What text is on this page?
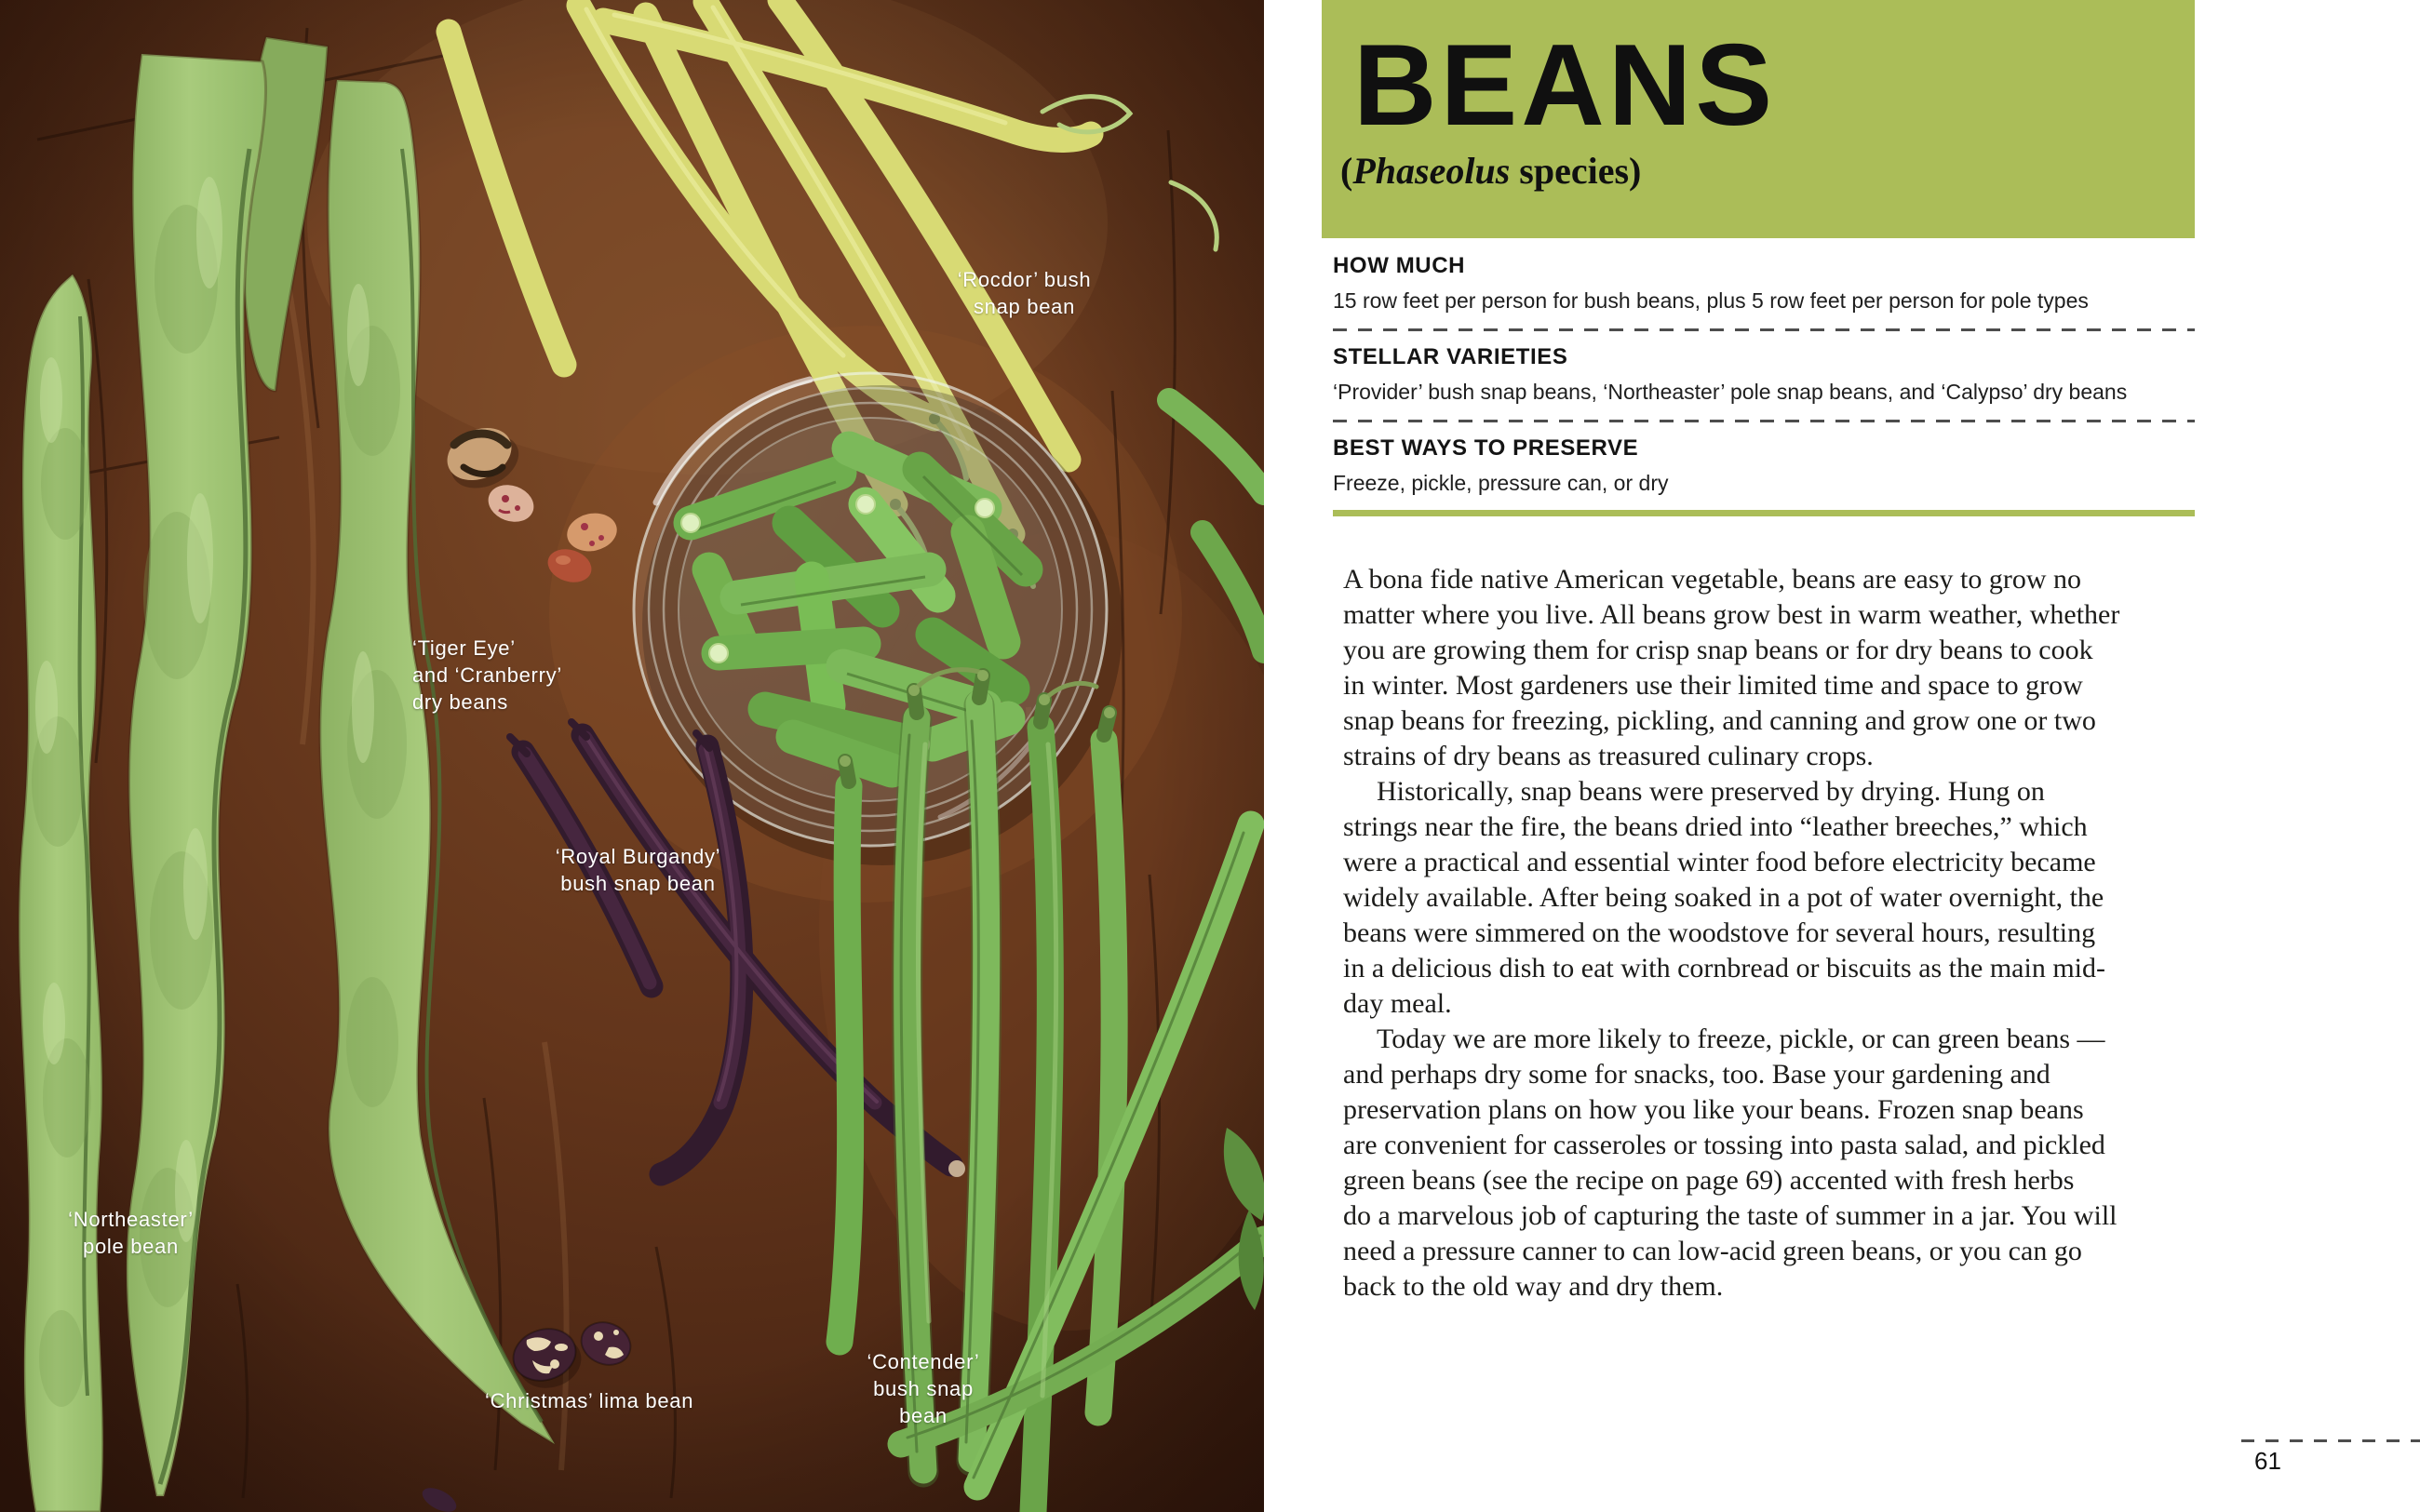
‘Rocdor’ bush
snap bean
‘Tiger Eye’
and ‘Cranberry’
dry beans
‘Royal Burgandy’
bush snap bean
‘Northeaster’
pole bean
‘Christmas’ lima bean
‘Contender’
bush snap
bean
BEANS
(Phaseolus species)
HOW MUCH
15 row feet per person for bush beans, plus 5 row feet per person for pole types
STELLAR VARIETIES
‘Provider’ bush snap beans, ‘Northeaster’ pole snap beans, and ‘Calypso’ dry beans
BEST WAYS TO PRESERVE
Freeze, pickle, pressure can, or dry

A bona fide native American vegetable, beans are easy to grow no
matter where you live. All beans grow best in warm weather, whether
you are growing them for crisp snap beans or for dry beans to cook
in winter. Most gardeners use their limited time and space to grow
snap beans for freezing, pickling, and canning and grow one or two
strains of dry beans as treasured culinary crops.

Historically, snap beans were preserved by drying. Hung on
strings near the fire, the beans dried into “leather breeches,” which
were a practical and essential winter food before electricity became
widely available. After being soaked in a pot of water overnight, the
beans were simmered on the woodstove for several hours, resulting
in a delicious dish to eat with cornbread or biscuits as the main mid-
day meal.

Today we are more likely to freeze, pickle, or can green beans —
and perhaps dry some for snacks, too. Base your gardening and
preservation plans on how you like your beans. Frozen snap beans
are convenient for casseroles or tossing into pasta salad, and pickled
green beans (see the recipe on page 69) accented with fresh herbs
do a marvelous job of capturing the taste of summer in a jar. You will
need a pressure canner to can low-acid green beans, or you can go
back to the old way and dry them.

61
